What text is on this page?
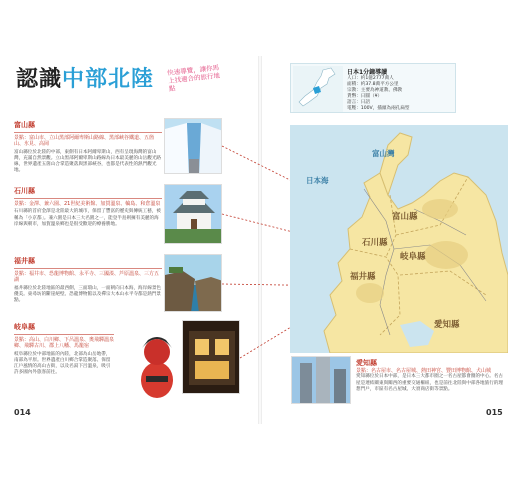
認識中部北陸 快速導覽，讓你馬上找適合的旅行地點
富山縣
景點：富山市、立山黑部阿爾卑斯山路線、黑部峽谷鐵道、五箇山、氷見、高岡
富山縣位於北陸的中部，東側有日本阿爾卑斯山，西有呈現海灣的富山灣，充滿自然景觀。立山黑部阿爾卑斯山路線為日本最美麗的山岳觀光路線，世界遺產五箇山合掌造聚落與黑部峽谷，也都是代表性的熱門觀光地。
石川縣
景點：金澤、兼六園、21世紀美術館、加賀溫泉、輪島、和倉溫泉
石川縣的首府金澤是北陸最大的城市，保留了豐富的歷史與傳統工藝，被稱為「小京都」。兼六園是日本三大名園之一，能登半島則擁有美麗的海岸線與朝市，加賀溫泉鄉也是很受歡迎的療養勝地。
福井縣
景點：福井市、恐龍博物館、永平寺、三國湊、芦原溫泉、三方五湖
福井縣位於北陸地區的最西側，三面環山，一面朝向日本海，海岸線景色優美。東尋坊的斷崖絕壁、恐龍博物館以及禪宗大本山永平寺都是熱門景點。
岐阜縣
景點：高山、白川鄉、下呂溫泉、奧飛驒溫泉鄉、飛驒古川、郡上八幡、馬籠宿
岐阜縣位於中部地區的內陸，北部為山岳地帶，南部為平原。世界遺產白川鄉合掌造聚落、保留江戶風情的高山古街，以及名湯下呂溫泉，吸引許多國內外旅客前往。
014
日本1分鐘導讀
人口：約1億2777萬人
面積：約37.8萬平方公里
宗教：主要為神道教、佛教
貨幣：日圓（¥）
語言：日語
電壓：100V，插頭為兩孔扁型
日本海
富山灣
富山縣
石川縣
岐阜縣
福井縣
愛知縣
愛知縣
景點：名古屋市、名古屋城、熱田神宮、豐田博物館、犬山城
愛知縣位於日本中部，是日本三大都市圈之一名古屋都會圈的中心。名古屋是連結關東與關西的重要交通樞紐，也是前往北陸與中部各地旅行的理想門戶，市區有名古屋城、大須商店街等景點。
015
